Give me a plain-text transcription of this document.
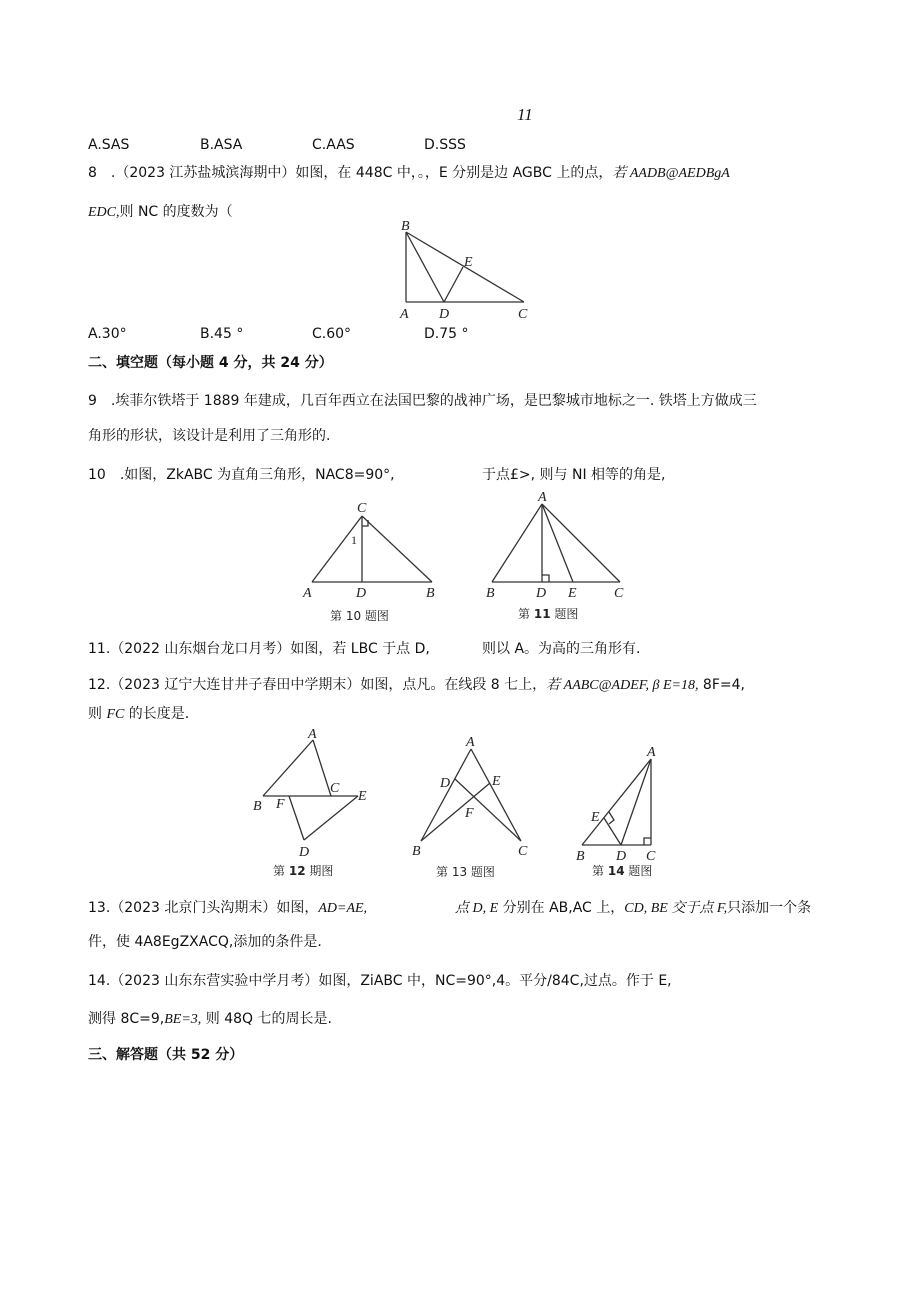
11
A.SAS	B.ASA	C.AAS	D.SSS
8　.（2023 江苏盐城滨海期中）如图，在 448C 中，。，E 分别是边 AGBC 上的点，若 AADB@AEDBgA
EDC,则 NC 的度数为（
B
E
A D	C
A.30°	B.45 °	C.60°	D.75 °
二、填空题（每小题 4 分，共 24 分）
9　.埃菲尔铁塔于 1889 年建成，几百年西立在法国巴黎的战神广场，是巴黎城市地标之一. 铁塔上方做成三
角形的形状，该设计是利用了三角形的.
10　.如图，ZkABC 为直角三角形，NAC8=90°,	于点£>, 则与 NI 相等的角是,
C
1
A	D	B
第 10 题图
A
B	D E	C
第 11 题图
11.（2022 山东烟台龙口月考）如图，若 LBC 于点 D,	则以 A。为高的三角形有.
12.（2023 辽宁大连甘井子春田中学期末）如图，点凡。在线段 8 七上，若 AABC@ADEF, β E=18, 8F=4,
则 FC 的长度是.
A
C
E
B F
D
第 12 期图
A
D	E
F
B	C
第 13 题图
A
E
B D C
第 14 题图
13.（2023 北京门头沟期末）如图，AD=AE,	点 D, E 分别在 AB,AC 上，CD, BE 交于点 F,只添加一个条
件，使 4A8EgZXACQ,添加的条件是.
14.（2023 山东东营实验中学月考）如图，ZiABC 中，NC=90°,4。平分/84C,过点。作于 E,
测得 8C=9,BE=3, 则 48Q 七的周长是.
三、解答题（共 52 分）
